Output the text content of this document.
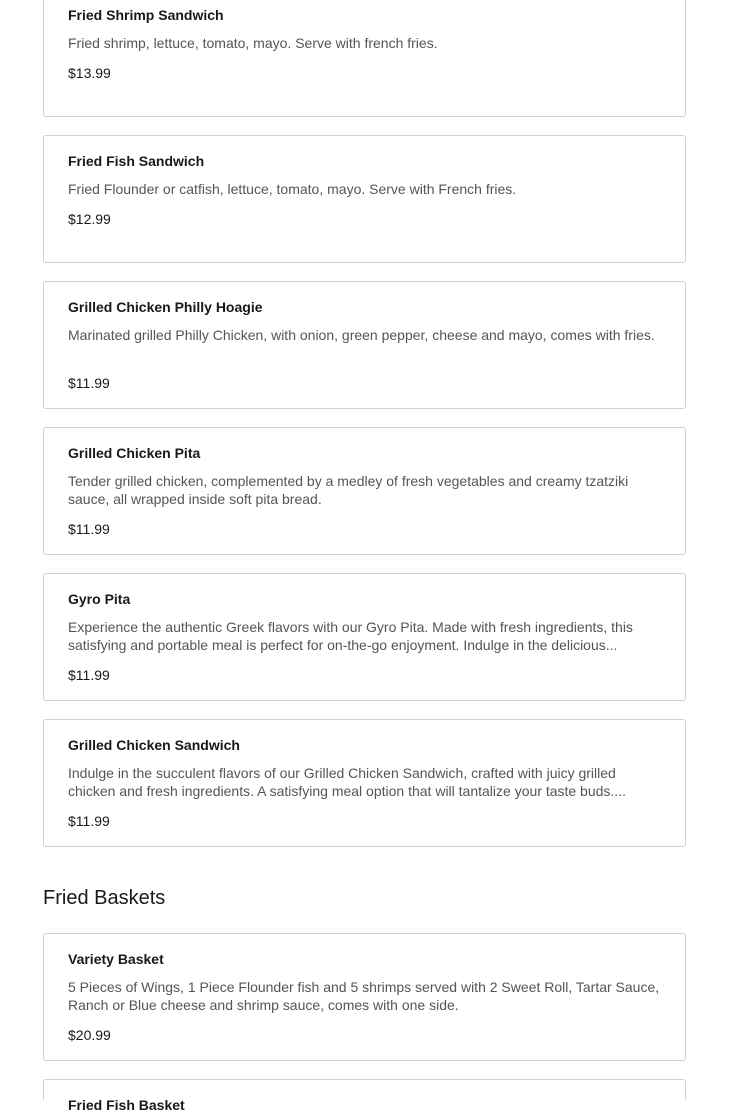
Fried Shrimp Sandwich
Fried shrimp, lettuce, tomato, mayo. Serve with french fries.
$13.99
Fried Fish Sandwich
Fried Flounder or catfish, lettuce, tomato, mayo. Serve with French fries.
$12.99
Grilled Chicken Philly Hoagie
Marinated grilled Philly Chicken, with onion, green pepper, cheese and mayo, comes with fries.
$11.99
Grilled Chicken Pita
Tender grilled chicken, complemented by a medley of fresh vegetables and creamy tzatziki sauce, all wrapped inside soft pita bread.
$11.99
Gyro Pita
Experience the authentic Greek flavors with our Gyro Pita. Made with fresh ingredients, this satisfying and portable meal is perfect for on-the-go enjoyment. Indulge in the delicious...
$11.99
Grilled Chicken Sandwich
Indulge in the succulent flavors of our Grilled Chicken Sandwich, crafted with juicy grilled chicken and fresh ingredients. A satisfying meal option that will tantalize your taste buds....
$11.99
Fried Baskets
Variety Basket
5 Pieces of Wings, 1 Piece Flounder fish and 5 shrimps served with 2 Sweet Roll, Tartar Sauce, Ranch or Blue cheese and shrimp sauce, comes with one side.
$20.99
Fried Fish Basket
